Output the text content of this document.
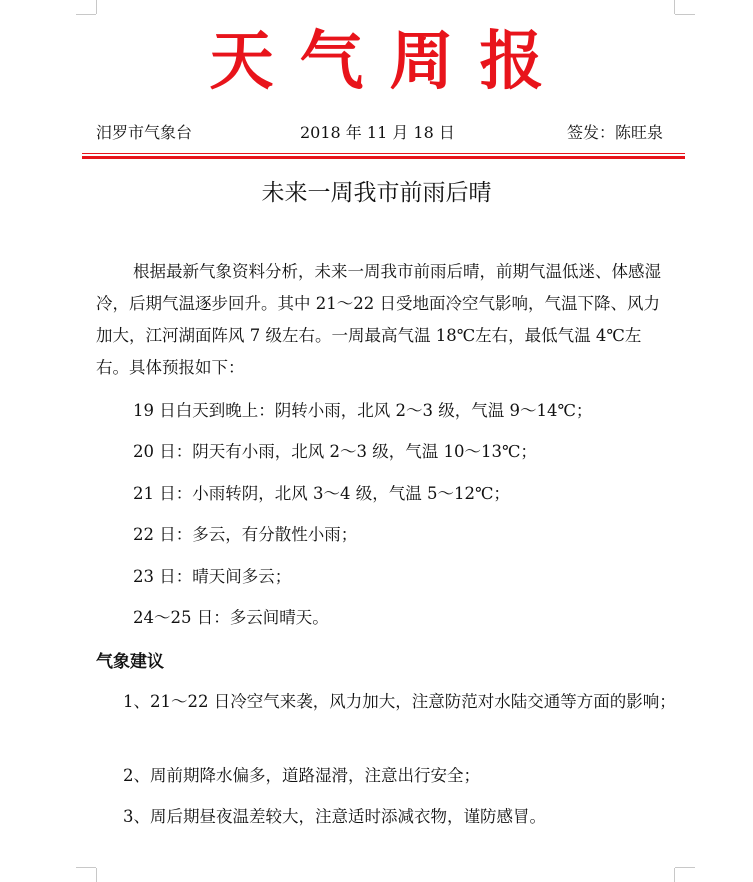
天 气 周 报
汨罗市气象台	2018 年 11 月 18 日	签发：陈旺泉
未来一周我市前雨后晴
根据最新气象资料分析，未来一周我市前雨后晴，前期气温低迷、体感湿冷，后期气温逐步回升。其中 21～22 日受地面冷空气影响，气温下降、风力加大，江河湖面阵风 7 级左右。一周最高气温 18℃左右，最低气温 4℃左右。具体预报如下：
19 日白天到晚上：阴转小雨，北风 2～3 级，气温 9～14℃；
20 日：阴天有小雨，北风 2～3 级，气温 10～13℃；
21 日：小雨转阴，北风 3～4 级，气温 5～12℃；
22 日：多云，有分散性小雨；
23 日：晴天间多云；
24～25 日：多云间晴天。
气象建议
1、21～22 日冷空气来袭，风力加大，注意防范对水陆交通等方面的影响；
2、周前期降水偏多，道路湿滑，注意出行安全；
3、周后期昼夜温差较大，注意适时添减衣物，谨防感冒。
